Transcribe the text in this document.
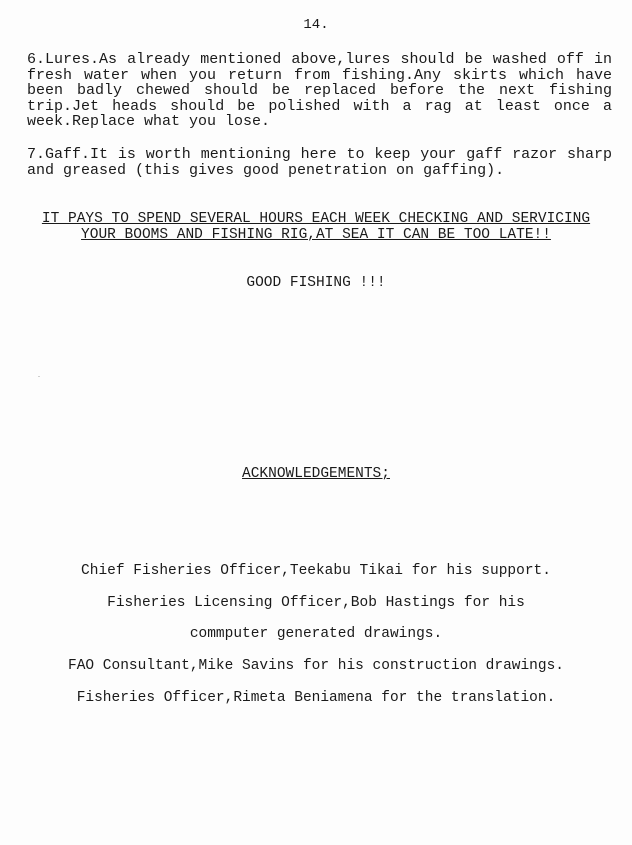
14.

6.Lures.As already mentioned above,lures should be washed off in fresh water when you return from fishing.Any skirts which have been badly chewed should be replaced before the next fishing trip.Jet heads should be polished with a rag at least once a week.Replace what you lose.

7.Gaff.It is worth mentioning here to keep your gaff razor sharp and greased (this gives good penetration on gaffing).

IT PAYS TO SPEND SEVERAL HOURS EACH WEEK CHECKING AND SERVICING YOUR BOOMS AND FISHING RIG,AT SEA IT CAN BE TOO LATE!!

GOOD FISHING !!!

ACKNOWLEDGEMENTS;

Chief Fisheries Officer,Teekabu Tikai for his support.

Fisheries Licensing Officer,Bob Hastings for his

commputer generated drawings.

FAO Consultant,Mike Savins for his construction drawings.

Fisheries Officer,Rimeta Beniamena for the translation.
